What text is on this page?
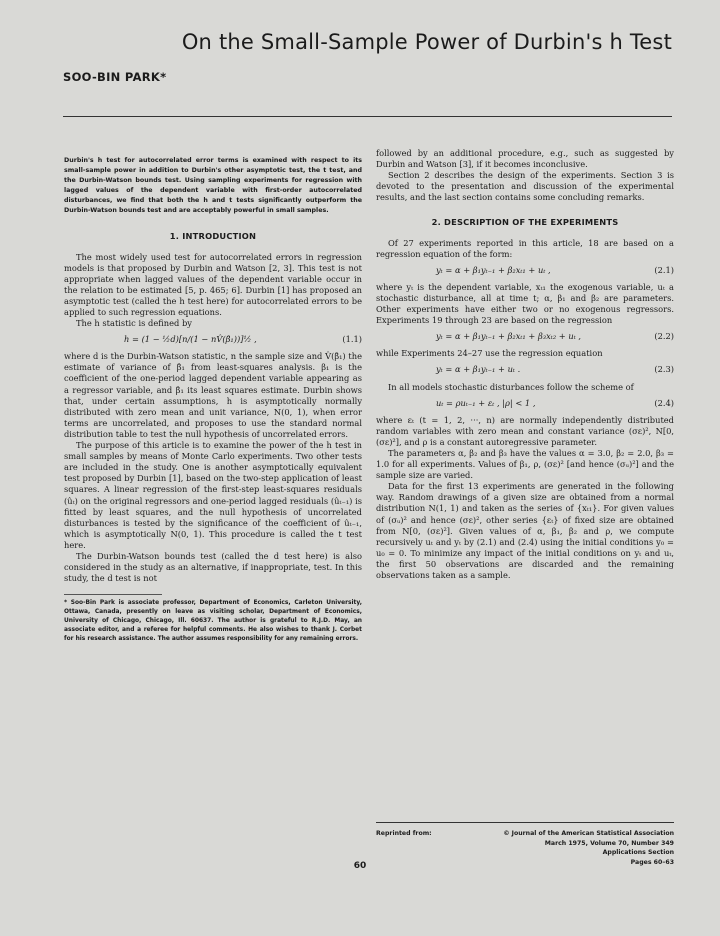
On the Small-Sample Power of Durbin's h Test
SOO-BIN PARK*
Durbin's h test for autocorrelated error terms is examined with respect to its small-sample power in addition to Durbin's other asymptotic test, the t test, and the Durbin-Watson bounds test. Using sampling experiments for regression with lagged values of the dependent variable with first-order autocorrelated disturbances, we find that both the h and t tests significantly outperform the Durbin-Watson bounds test and are acceptably powerful in small samples.
1. INTRODUCTION

The most widely used test for autocorrelated errors in regression models is that proposed by Durbin and Watson [2, 3]. This test is not appropriate when lagged values of the dependent variable occur in the relation to be estimated [5, p. 465; 6]. Durbin [1] has proposed an asymptotic test (called the h test here) for autocorrelated errors to be applied to such regression equations.

The h statistic is defined by

h = (1 − ½d)[n/(1 − nV̂(β̂₁))]½ ,	(1.1)

where d is the Durbin-Watson statistic, n the sample size and V̂(β̂₁) the estimate of variance of β̂₁ from least-squares analysis. β₁ is the coefficient of the one-period lagged dependent variable appearing as a regressor variable, and β̂₁ its least squares estimate. Durbin shows that, under certain assumptions, h is asymptotically normally distributed with zero mean and unit variance, N(0, 1), when error terms are uncorrelated, and proposes to use the standard normal distribution table to test the null hypothesis of uncorrelated errors.

The purpose of this article is to examine the power of the h test in small samples by means of Monte Carlo experiments. Two other tests are included in the study. One is another asymptotically equivalent test proposed by Durbin [1], based on the two-step application of least squares. A linear regression of the first-step least-squares residuals (ûₜ) on the original regressors and one-period lagged residuals (ûₜ₋₁) is fitted by least squares, and the null hypothesis of uncorrelated disturbances is tested by the significance of the coefficient of ûₜ₋₁, which is asymptotically N(0, 1). This procedure is called the t test here.

The Durbin-Watson bounds test (called the d test here) is also considered in the study as an alternative, if inappropriate, test. In this study, the d test is not

* Soo-Bin Park is associate professor, Department of Economics, Carleton University, Ottawa, Canada, presently on leave as visiting scholar, Department of Economics, University of Chicago, Chicago, Ill. 60637. The author is grateful to R.J.D. May, an associate editor, and a referee for helpful comments. He also wishes to thank J. Corbet for his research assistance. The author assumes responsibility for any remaining errors.

followed by an additional procedure, e.g., such as suggested by Durbin and Watson [3], if it becomes inconclusive.

Section 2 describes the design of the experiments. Section 3 is devoted to the presentation and discussion of the experimental results, and the last section contains some concluding remarks.

2. DESCRIPTION OF THE EXPERIMENTS

Of 27 experiments reported in this article, 18 are based on a regression equation of the form:

yₜ = α + β₁yₜ₋₁ + β₂xₜ₁ + uₜ ,	(2.1)

where yₜ is the dependent variable, xₜ₁ the exogenous variable, uₜ a stochastic disturbance, all at time t; α, β₁ and β₂ are parameters. Other experiments have either two or no exogenous regressors. Experiments 19 through 23 are based on the regression

yₜ = α + β₁yₜ₋₁ + β₂xₜ₁ + β₃xₜ₂ + uₜ ,	(2.2)

while Experiments 24–27 use the regression equation

yₜ = α + β₁yₜ₋₁ + uₜ .	(2.3)

In all models stochastic disturbances follow the scheme of

uₜ = ρuₜ₋₁ + εₜ , |ρ| < 1 ,	(2.4)

where εₜ (t = 1, 2, ···, n) are normally independently distributed random variables with zero mean and constant variance (σε)², N[0, (σε)²], and ρ is a constant autoregressive parameter.

The parameters α, β₂ and β₃ have the values α = 3.0, β₂ = 2.0, β₃ = 1.0 for all experiments. Values of β₁, ρ, (σε)² [and hence (σᵤ)²] and the sample size are varied.

Data for the first 13 experiments are generated in the following way. Random drawings of a given size are obtained from a normal distribution N(1, 1) and taken as the series of {xₜ₁}. For given values of (σᵤ)² and hence (σε)², other series {εₜ} of fixed size are obtained from N[0, (σε)²]. Given values of α, β₁, β₂ and ρ, we compute recursively uₜ and yₜ by (2.1) and (2.4) using the initial conditions y₀ = u₀ = 0. To minimize any impact of the initial conditions on yₜ and uₜ, the first 50 observations are discarded and the remaining observations taken as a sample.

Reprinted from:	© Journal of the American Statistical Association
March 1975, Volume 70, Number 349
Applications Section
Pages 60–63
60
